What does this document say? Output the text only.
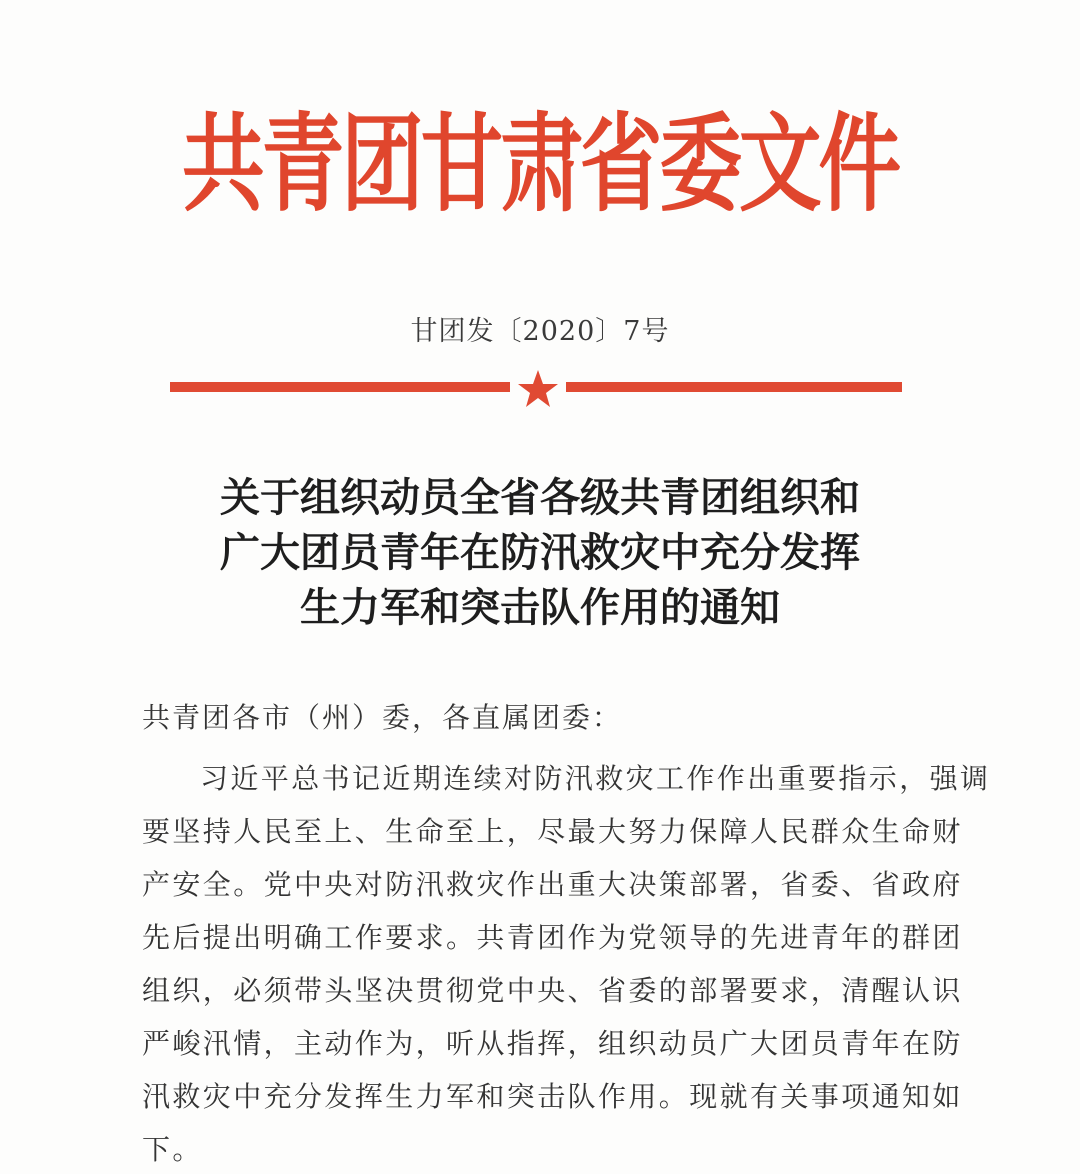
共青团甘肃省委文件
甘团发〔2020〕7号
关于组织动员全省各级共青团组织和
广大团员青年在防汛救灾中充分发挥
生力军和突击队作用的通知
共青团各市（州）委，各直属团委：
习近平总书记近期连续对防汛救灾工作作出重要指示，强调
要坚持人民至上、生命至上，尽最大努力保障人民群众生命财
产安全。党中央对防汛救灾作出重大决策部署，省委、省政府
先后提出明确工作要求。共青团作为党领导的先进青年的群团
组织，必须带头坚决贯彻党中央、省委的部署要求，清醒认识
严峻汛情，主动作为，听从指挥，组织动员广大团员青年在防
汛救灾中充分发挥生力军和突击队作用。现就有关事项通知如
下。
